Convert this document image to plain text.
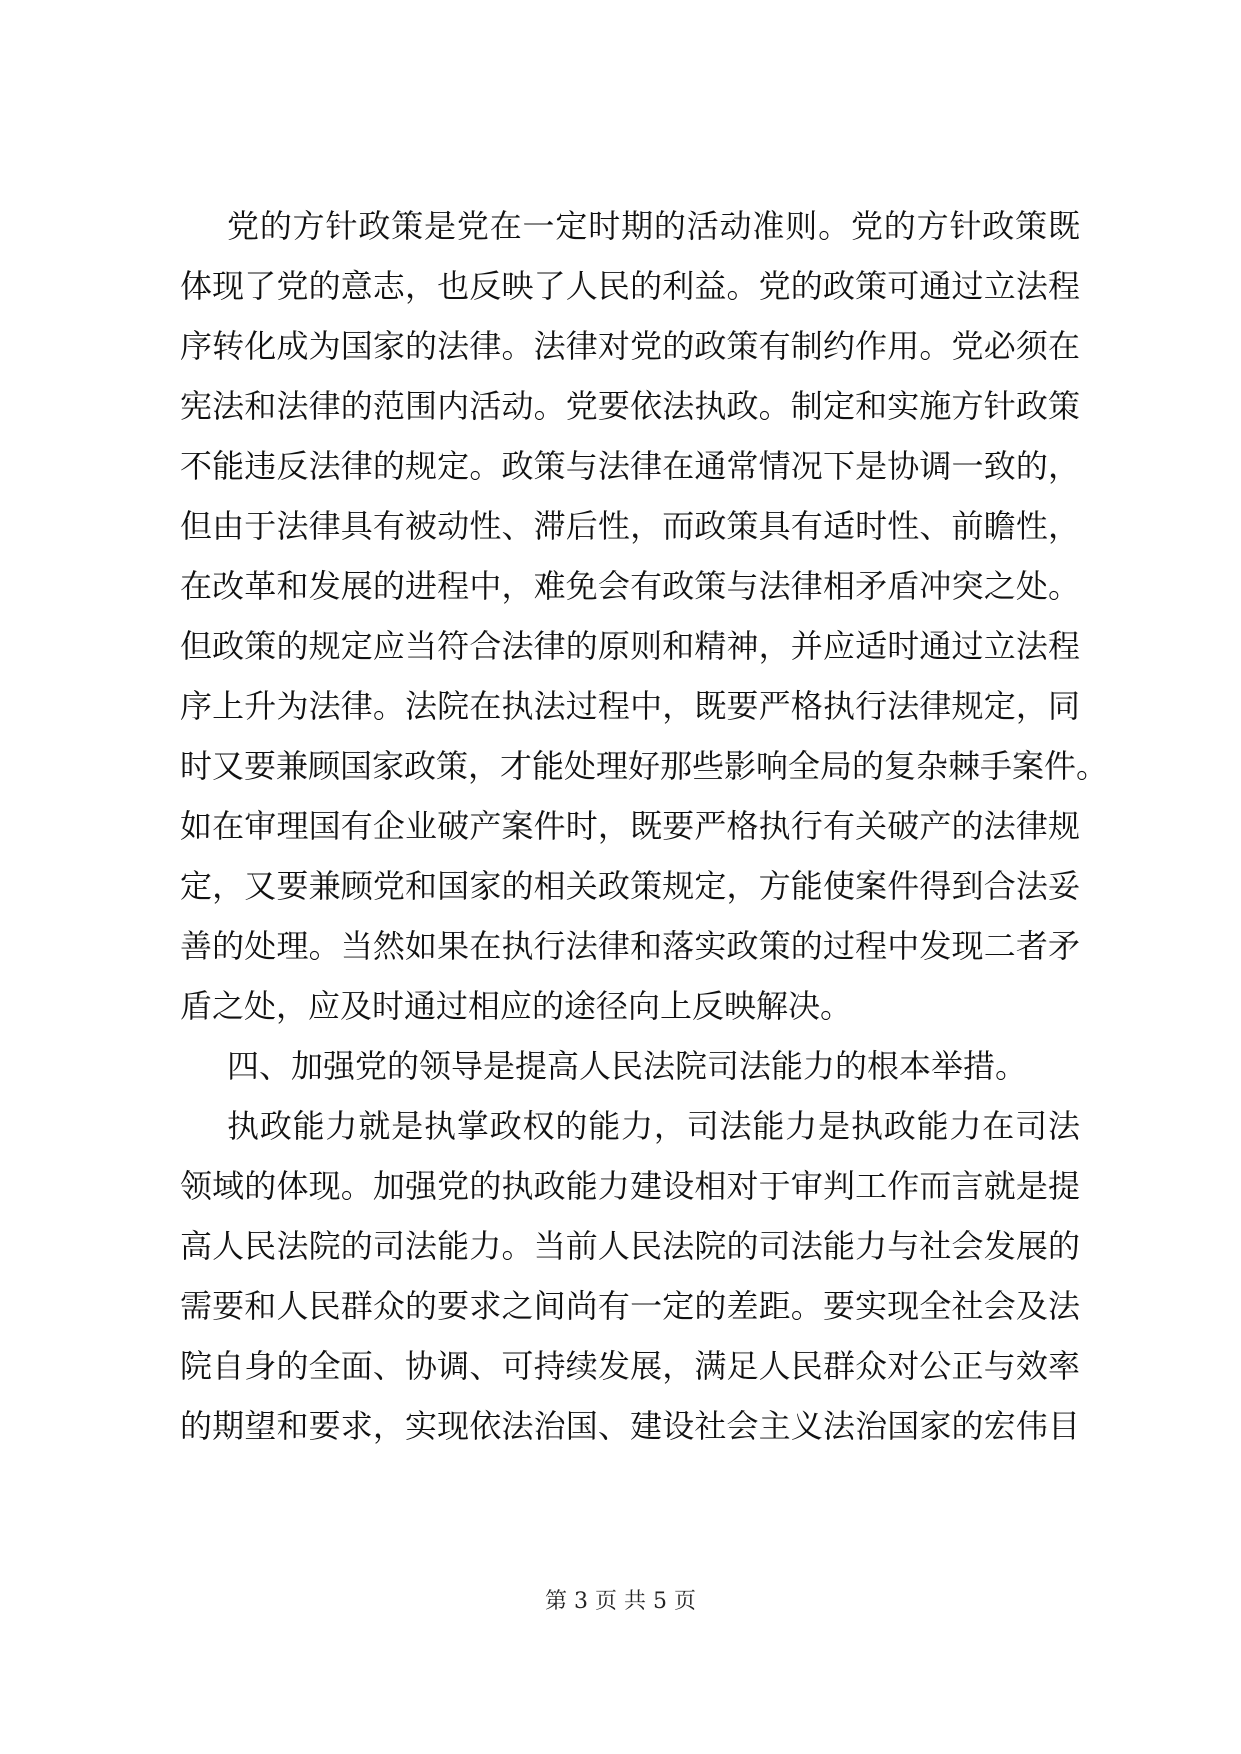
党的方针政策是党在一定时期的活动准则。党的方针政策既
体现了党的意志，也反映了人民的利益。党的政策可通过立法程
序转化成为国家的法律。法律对党的政策有制约作用。党必须在
宪法和法律的范围内活动。党要依法执政。制定和实施方针政策
不能违反法律的规定。政策与法律在通常情况下是协调一致的，
但由于法律具有被动性、滞后性，而政策具有适时性、前瞻性，
在改革和发展的进程中，难免会有政策与法律相矛盾冲突之处。
但政策的规定应当符合法律的原则和精神，并应适时通过立法程
序上升为法律。法院在执法过程中，既要严格执行法律规定，同
时又要兼顾国家政策，才能处理好那些影响全局的复杂棘手案件。
如在审理国有企业破产案件时，既要严格执行有关破产的法律规
定，又要兼顾党和国家的相关政策规定，方能使案件得到合法妥
善的处理。当然如果在执行法律和落实政策的过程中发现二者矛
盾之处，应及时通过相应的途径向上反映解决。
四、加强党的领导是提高人民法院司法能力的根本举措。
执政能力就是执掌政权的能力，司法能力是执政能力在司法
领域的体现。加强党的执政能力建设相对于审判工作而言就是提
高人民法院的司法能力。当前人民法院的司法能力与社会发展的
需要和人民群众的要求之间尚有一定的差距。要实现全社会及法
院自身的全面、协调、可持续发展，满足人民群众对公正与效率
的期望和要求，实现依法治国、建设社会主义法治国家的宏伟目
第 3 页 共 5 页
